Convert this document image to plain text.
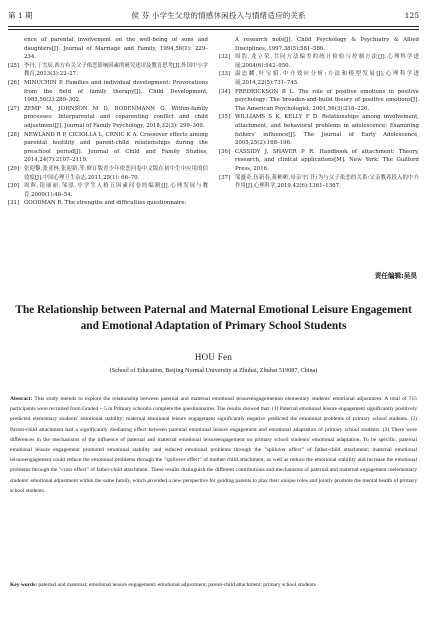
第 1 期	侯 芬 小学生父母的情感休闲投入与情绪适应的关系	125
ence of parental involvement on the well-being of sons and daughters[J]. Journal of Marriage and Family, 1994,56(1): 229–234.
[25] 李丹,丁雪辰.西方有关父子依恋影响因素的研究述评及教育思考[J].外国中小学教育,2013(3):22–27.
[26] MINUCHIN P. Families and individual development: Provocations from the field of family therapy[J]. Child Development, 1985,56(2):289–302.
[27] ZEMP M, JOHNSON M D, BODENMANN G. Within-family processes: Interparental and coparenting conflict and child adjustment[J]. Journal of Family Psychology, 2018,32(3): 299–309.
[28] NEWLAND R P, CICIOLLA L, CRNIC K A. Crossover effects among parental hostility and parent-child relationships during the preschool period[J]. Journal of Child and Family Studies, 2014,24(7):2107–2119.
[29] 张迎黎,张亚林,张迎新,等.修订版青少年依恋问卷中文版在初中生中应用的信效度[J].中国心理卫生杂志,2011,25(1): 66–70.
[30] 周晖,钮丽丽,邹泓.中学生人格五因素问卷的编制[J].心理发展与教育,2000(1):48–54.
[31] GOODMAN R. The strengths and difficulties questionnaire:
A research note[J]. Child Psychology & Psychiatry & Allied Disciplines, 1997,38(5):581–586.
[32] 周浩,龙立荣.共同方法偏差的统计检验与控制方法[J].心理科学进展,2004(6):942–950.
[33] 温忠麟,叶宝娟.中介效应分析:方法和模型发展[J].心理科学进展,2014,22(5):731–745.
[34] FREDRICKSON B L. The role of positive emotions in positive psychology: The broaden-and-build theory of positive emotions[J]. The American Psychologist, 2001,56(3):218–226.
[35] WILLIAMS S K, KELLY F D. Relationships among involvement, attachment, and behavioral problems in adolescence: Examining fathers' influence[J]. The Journal of Early Adolescence, 2005,25(2):168–196.
[36] CASSIDY J, SHAVER P R. Handbook of attachment: Theory, research, and clinical applications[M]. New York: The Guilford Press, 2016.
[37] 邹盛奇,伍新春,蒋彬彬,母亲守门行为与父子依恋的关系:父亲教养投入的中介作用[J].心理科学,2019,42(6):1361–1367.
责任编辑:吴昊
The Relationship between Paternal and Maternal Emotional Leisure Engagement and Emotional Adaptation of Primary School Students
HOU Fen
(School of Education, Beijing Normal University at Zhuhai, Zhuhai 519087, China)
Abstract: This study intends to explore the relationship between paternal and maternal emotional leisureengagementon elementary students' emotional adjustment. A total of 715 participants were recruited from Grade4 ~ 5 in Primary schoolto complete the questionnaires. The results showed that: (1) Paternal emotional leisure engagement significantly positively predicted elementary students' emotional stability; maternal emotional leisure engagement significantly negative predicted the emotional problems of primary school students. (2) Parent-child attachment had a significantly mediating effect between parental emotional leisure engagement and emotional adaptation of primary school students. (3) There were differences in the mechanisms of the influence of paternal and maternal emotional leisureengagement on primary school students' emotional adaptation. To be specific, paternal emotional leisure engagement promoted emotional stability and reduced emotional problems through the "spillover effect" of father-child attachment; maternal emotional leisureengagement could reduce the emotional problems through the "spillover effect" of mother-child attachment, as well as reduce the emotional stability and increase the emotional problems through the "cross effect" of father-child attachment. These results distinguish the different contributions and mechanisms of paternal and maternal engagement toelementary students' emotional adjustment within the same family, which provided a new perspective for guiding parents to play their unique roles and jointly promote the mental health of primary school students.
Key words: paternal and maternal; emotional leisure engagement; emotional adjustment; parent-child attachment; primary school students
